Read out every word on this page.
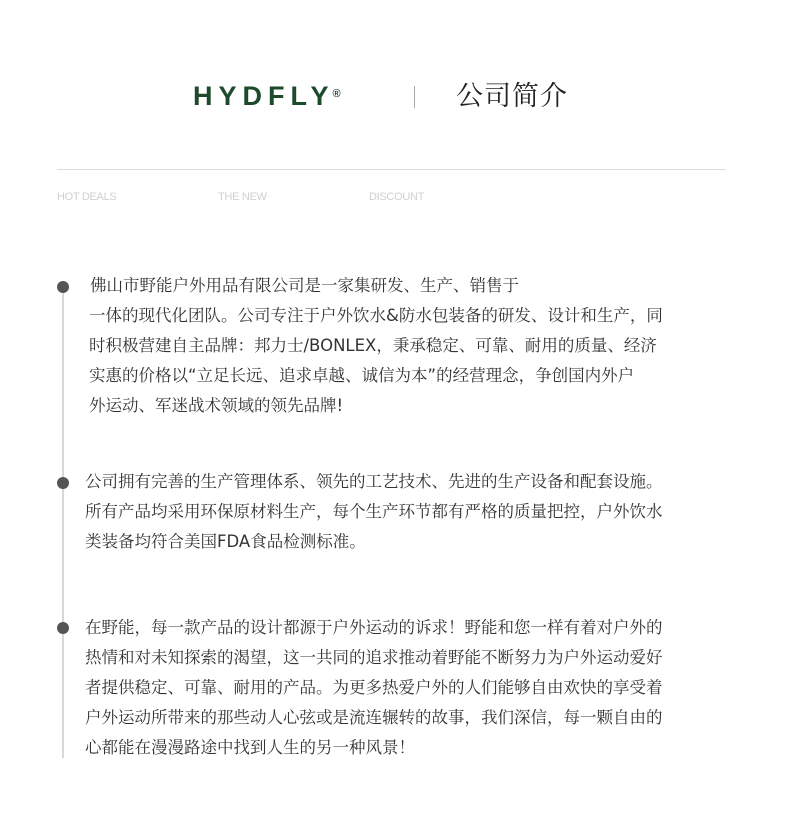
HYDFLY®	公司简介
HOT DEALS	THE NEW	DISCOUNT
佛山市野能户外用品有限公司是一家集研发、生产、销售于
一体的现代化团队。公司专注于户外饮水&防水包装备的研发、设计和生产，同
时积极营建自主品牌：邦力士/BONLEX，秉承稳定、可靠、耐用的质量、经济
实惠的价格以“立足长远、追求卓越、诚信为本”的经营理念，争创国内外户
外运动、军迷战术领域的领先品牌!
公司拥有完善的生产管理体系、领先的工艺技术、先进的生产设备和配套设施。
所有产品均采用环保原材料生产，每个生产环节都有严格的质量把控，户外饮水
类装备均符合美国FDA食品检测标准。
在野能，每一款产品的设计都源于户外运动的诉求！野能和您一样有着对户外的
热情和对未知探索的渴望，这一共同的追求推动着野能不断努力为户外运动爱好
者提供稳定、可靠、耐用的产品。为更多热爱户外的人们能够自由欢快的享受着
户外运动所带来的那些动人心弦或是流连辗转的故事，我们深信，每一颗自由的
心都能在漫漫路途中找到人生的另一种风景！
